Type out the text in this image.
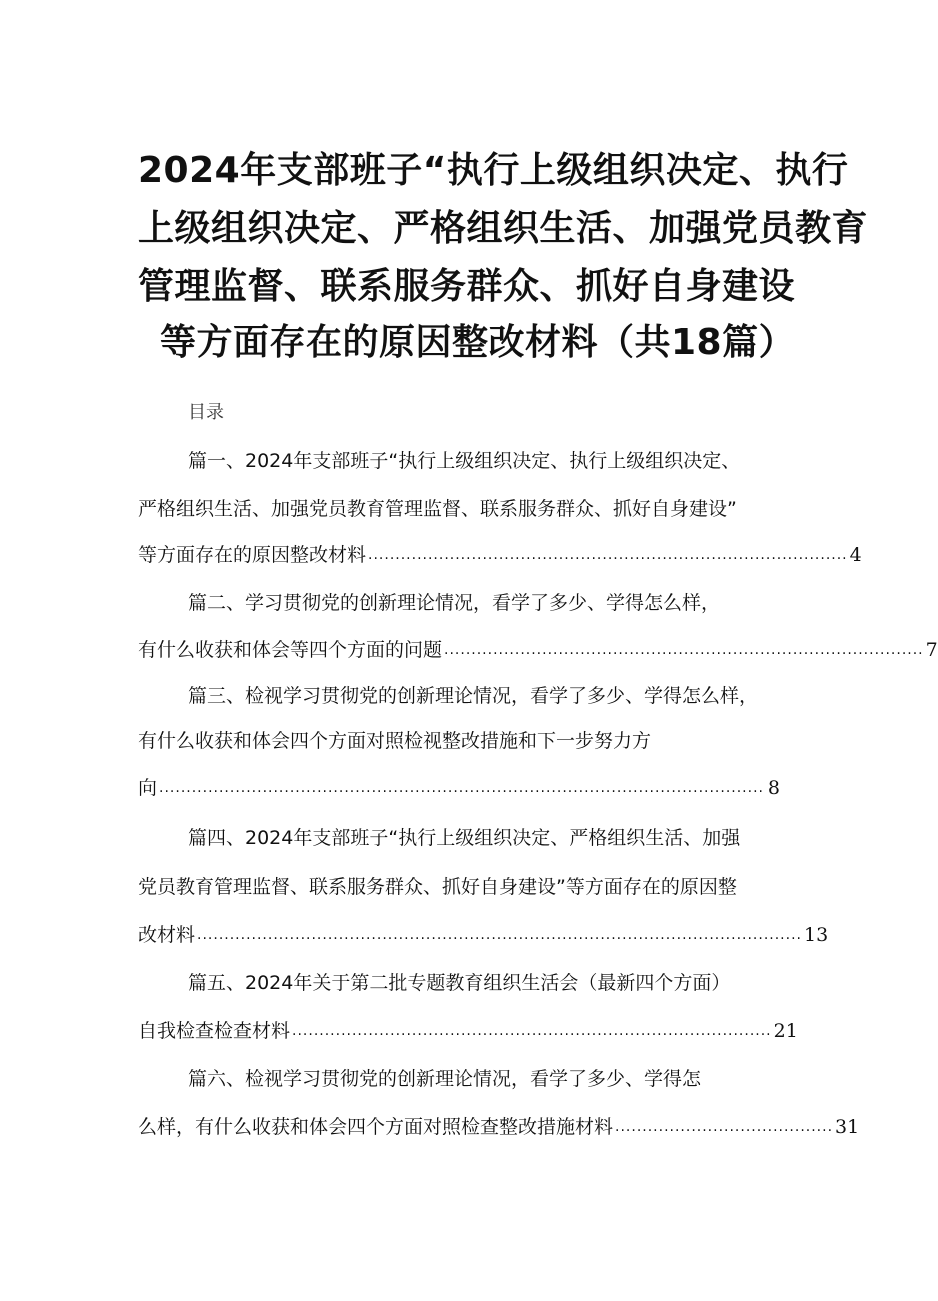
2024年支部班子“执行上级组织决定、执行
上级组织决定、严格组织生活、加强党员教育
管理监督、联系服务群众、抓好自身建设
等方面存在的原因整改材料（共18篇）
目录
篇一、2024年支部班子“执行上级组织决定、执行上级组织决定、
严格组织生活、加强党员教育管理监督、联系服务群众、抓好自身建设”
等方面存在的原因整改材料 ........................................................................................ 4
篇二、学习贯彻党的创新理论情况，看学了多少、学得怎么样，
有什么收获和体会等四个方面的问题 ........................................................................................ 7
篇三、检视学习贯彻党的创新理论情况，看学了多少、学得怎么样，
有什么收获和体会四个方面对照检视整改措施和下一步努力方
向 ............................................................................................................... 8
篇四、2024年支部班子“执行上级组织决定、严格组织生活、加强
党员教育管理监督、联系服务群众、抓好自身建设”等方面存在的原因整
改材料 ............................................................................................................... 13
篇五、2024年关于第二批专题教育组织生活会（最新四个方面）
自我检查检查材料 ........................................................................................ 21
篇六、检视学习贯彻党的创新理论情况，看学了多少、学得怎
么样，有什么收获和体会四个方面对照检查整改措施材料 ........................................ 31
